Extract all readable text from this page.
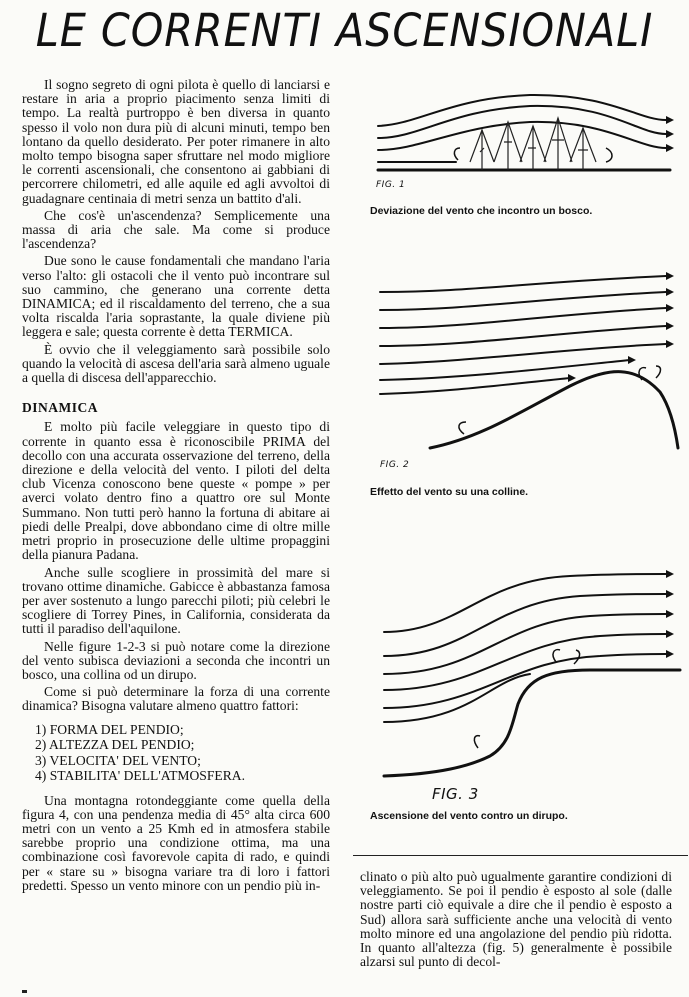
LE CORRENTI ASCENSIONALI

Il sogno segreto di ogni pilota è quello di lanciarsi e restare in aria a proprio piacimento senza limiti di tempo. La realtà purtroppo è ben diversa in quanto spesso il volo non dura più di alcuni minuti, tempo ben lontano da quello desiderato. Per poter rimanere in alto molto tempo bisogna saper sfruttare nel modo migliore le correnti ascensionali, che consentono ai gabbiani di percorrere chilometri, ed alle aquile ed agli avvoltoi di guadagnare centinaia di metri senza un battito d'ali.

Che cos'è un'ascendenza? Semplicemente una massa di aria che sale. Ma come si produce l'ascendenza?

Due sono le cause fondamentali che mandano l'aria verso l'alto: gli ostacoli che il vento può incontrare sul suo cammino, che generano una corrente detta DINAMICA; ed il riscaldamento del terreno, che a sua volta riscalda l'aria soprastante, la quale diviene più leggera e sale; questa corrente è detta TERMICA.

È ovvio che il veleggiamento sarà possibile solo quando la velocità di ascesa dell'aria sarà almeno uguale a quella di discesa dell'apparecchio.

DINAMICA

E molto più facile veleggiare in questo tipo di corrente in quanto essa è riconoscibile PRIMA del decollo con una accurata osservazione del terreno, della direzione e della velocità del vento. I piloti del delta club Vicenza conoscono bene queste « pompe » per averci volato dentro fino a quattro ore sul Monte Summano. Non tutti però hanno la fortuna di abitare ai piedi delle Prealpi, dove abbondano cime di oltre mille metri proprio in prosecuzione delle ultime propaggini della pianura Padana.

Anche sulle scogliere in prossimità del mare si trovano ottime dinamiche. Gabicce è abbastanza famosa per aver sostenuto a lungo parecchi piloti; più celebri le scogliere di Torrey Pines, in California, considerata da tutti il paradiso dell'aquilone.

Nelle figure 1-2-3 si può notare come la direzione del vento subisca deviazioni a seconda che incontri un bosco, una collina od un dirupo.

Come si può determinare la forza di una corrente dinamica? Bisogna valutare almeno quattro fattori:

1) FORMA DEL PENDIO;
2) ALTEZZA DEL PENDIO;
3) VELOCITA' DEL VENTO;
4) STABILITA' DELL'ATMOSFERA.

Una montagna rotondeggiante come quella della figura 4, con una pendenza media di 45° alta circa 600 metri con un vento a 25 Kmh ed in atmosfera stabile sarebbe proprio una condizione ottima, ma una combinazione così favorevole capita di rado, e quindi per « stare su » bisogna variare tra di loro i fattori predetti. Spesso un vento minore con un pendio più in-

FIG. 1
Deviazione del vento che incontro un bosco.
FIG. 2
Effetto del vento su una colline.
FIG. 3
Ascensione del vento contro un dirupo.

clinato o più alto può ugualmente garantire condizioni di veleggiamento. Se poi il pendio è esposto al sole (dalle nostre parti ciò equivale a dire che il pendio è esposto a Sud) allora sarà sufficiente anche una velocità di vento molto minore ed una angolazione del pendio più ridotta. In quanto all'altezza (fig. 5) generalmente è possibile alzarsi sul punto di decol-
